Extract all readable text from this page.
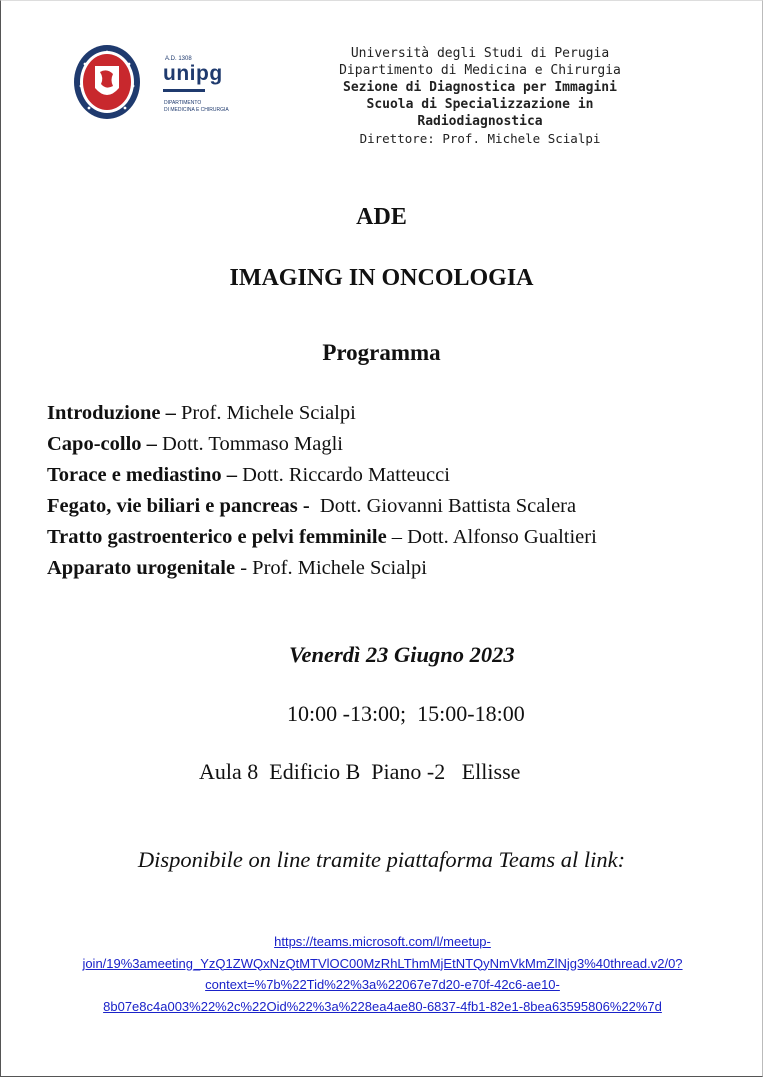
A.D. 1308
unipg
DIPARTIMENTO
DI MEDICINA E CHIRURGIA
Università degli Studi di Perugia
Dipartimento di Medicina e Chirurgia
Sezione di Diagnostica per Immagini
Scuola di Specializzazione in
Radiodiagnostica
Direttore: Prof. Michele Scialpi
ADE
IMAGING IN ONCOLOGIA
Programma
Introduzione – Prof. Michele Scialpi
Capo-collo – Dott. Tommaso Magli
Torace e mediastino – Dott. Riccardo Matteucci
Fegato, vie biliari e pancreas -  Dott. Giovanni Battista Scalera
Tratto gastroenterico e pelvi femminile – Dott. Alfonso Gualtieri
Apparato urogenitale - Prof. Michele Scialpi
Venerdì 23 Giugno 2023
10:00 -13:00;  15:00-18:00
Aula 8  Edificio B  Piano -2   Ellisse
Disponibile on line tramite piattaforma Teams al link:
https://teams.microsoft.com/l/meetup-
join/19%3ameeting_YzQ1ZWQxNzQtMTVlOC00MzRhLThmMjEtNTQyNmVkMmZlNjg3%40thread.v2/0?
context=%7b%22Tid%22%3a%22067e7d20-e70f-42c6-ae10-
8b07e8c4a003%22%2c%22Oid%22%3a%228ea4ae80-6837-4fb1-82e1-8bea63595806%22%7d
